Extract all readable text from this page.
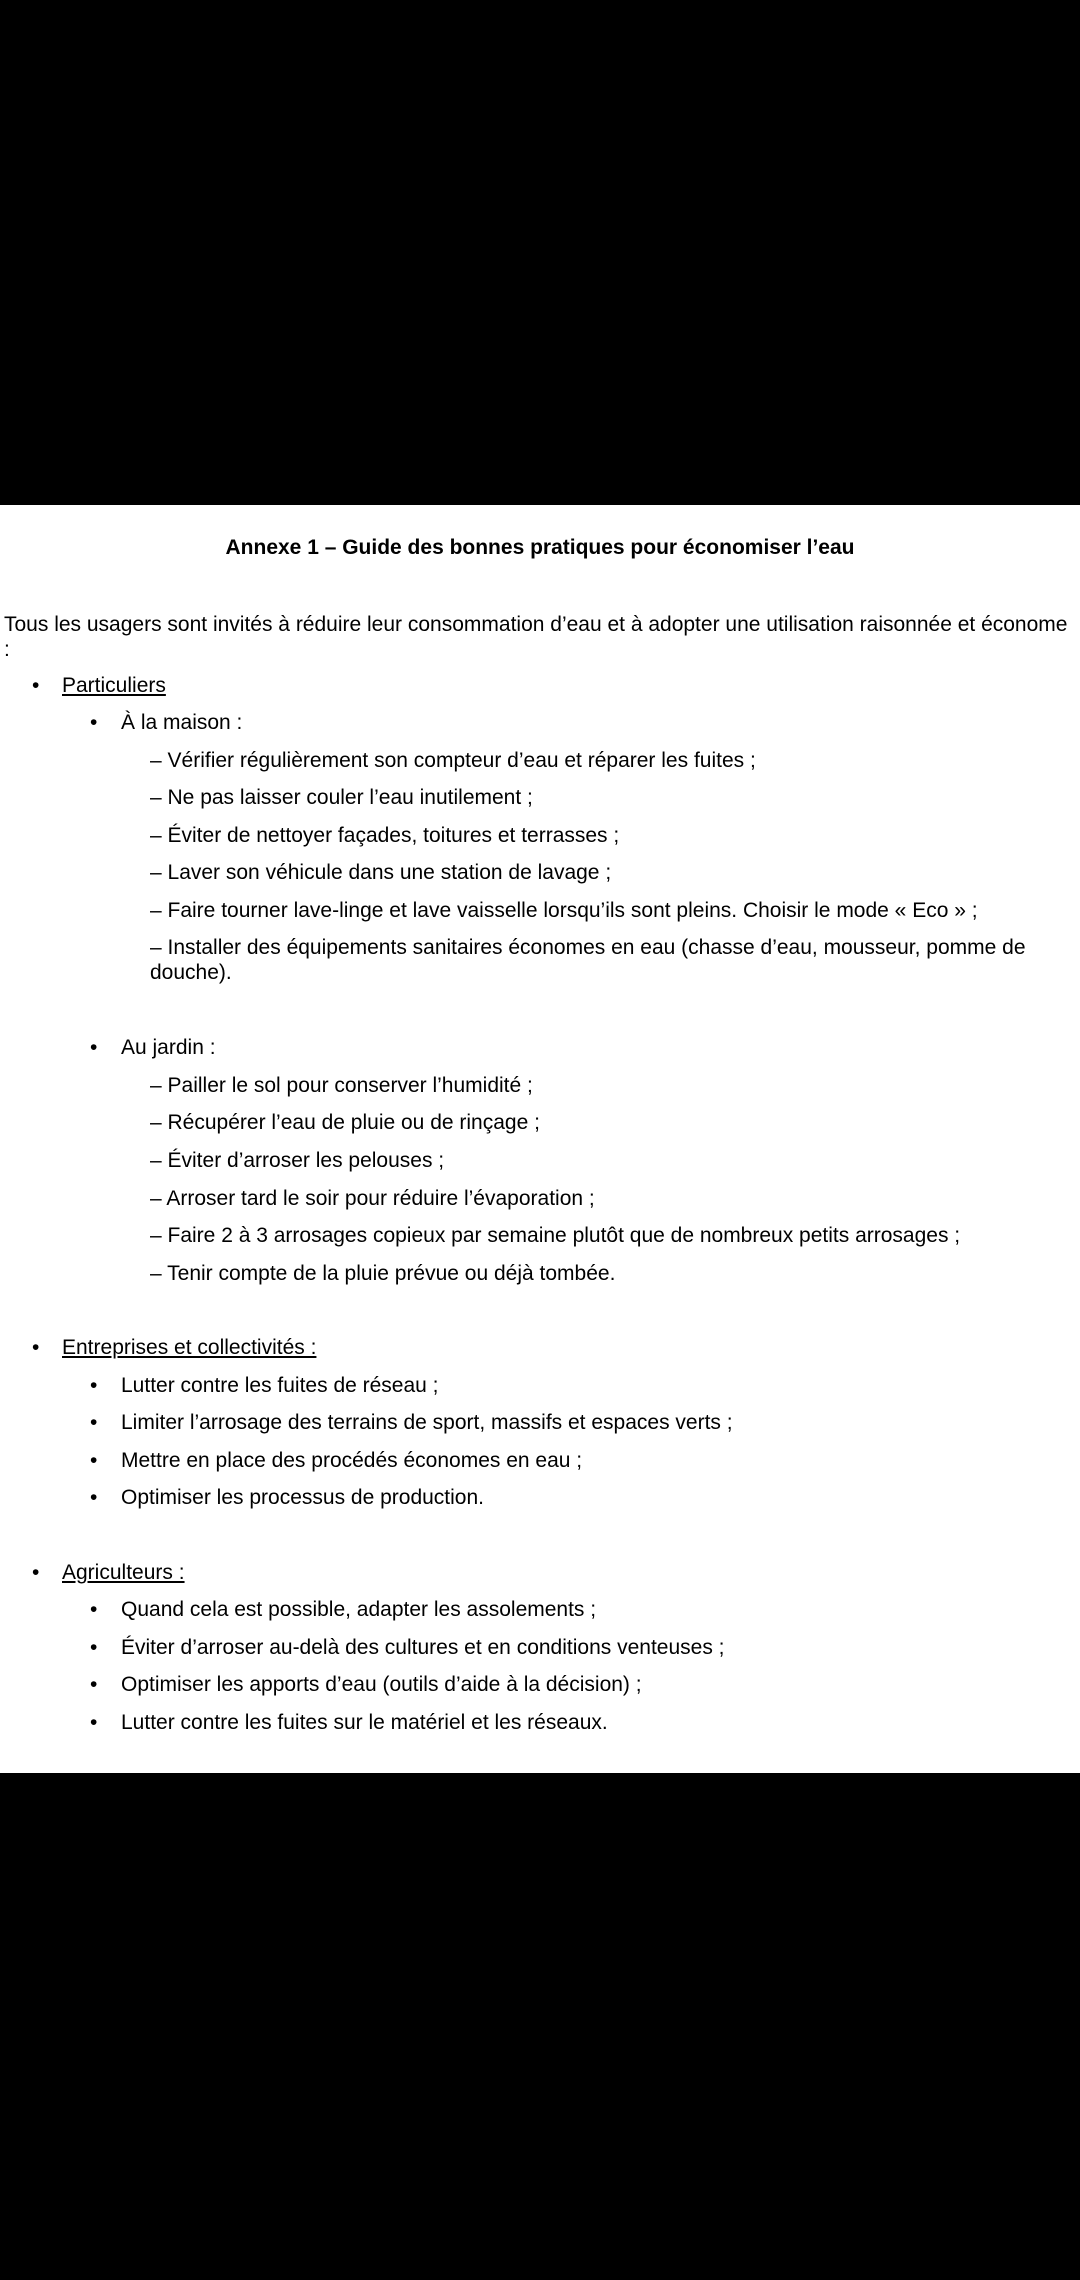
Annexe 1 – Guide des bonnes pratiques pour économiser l’eau

Tous les usagers sont invités à réduire leur consommation d’eau et à adopter une utilisation raisonnée et économe :

• Particuliers
• À la maison :
– Vérifier régulièrement son compteur d’eau et réparer les fuites ;
– Ne pas laisser couler l’eau inutilement ;
– Éviter de nettoyer façades, toitures et terrasses ;
– Laver son véhicule dans une station de lavage ;
– Faire tourner lave-linge et lave vaisselle lorsqu’ils sont pleins. Choisir le mode « Eco » ;
– Installer des équipements sanitaires économes en eau (chasse d’eau, mousseur, pomme de douche).
• Au jardin :
– Pailler le sol pour conserver l’humidité ;
– Récupérer l’eau de pluie ou de rinçage ;
– Éviter d’arroser les pelouses ;
– Arroser tard le soir pour réduire l’évaporation ;
– Faire 2 à 3 arrosages copieux par semaine plutôt que de nombreux petits arrosages ;
– Tenir compte de la pluie prévue ou déjà tombée.
• Entreprises et collectivités :
• Lutter contre les fuites de réseau ;
• Limiter l’arrosage des terrains de sport, massifs et espaces verts ;
• Mettre en place des procédés économes en eau ;
• Optimiser les processus de production.
• Agriculteurs :
• Quand cela est possible, adapter les assolements ;
• Éviter d’arroser au-delà des cultures et en conditions venteuses ;
• Optimiser les apports d’eau (outils d’aide à la décision) ;
• Lutter contre les fuites sur le matériel et les réseaux.
